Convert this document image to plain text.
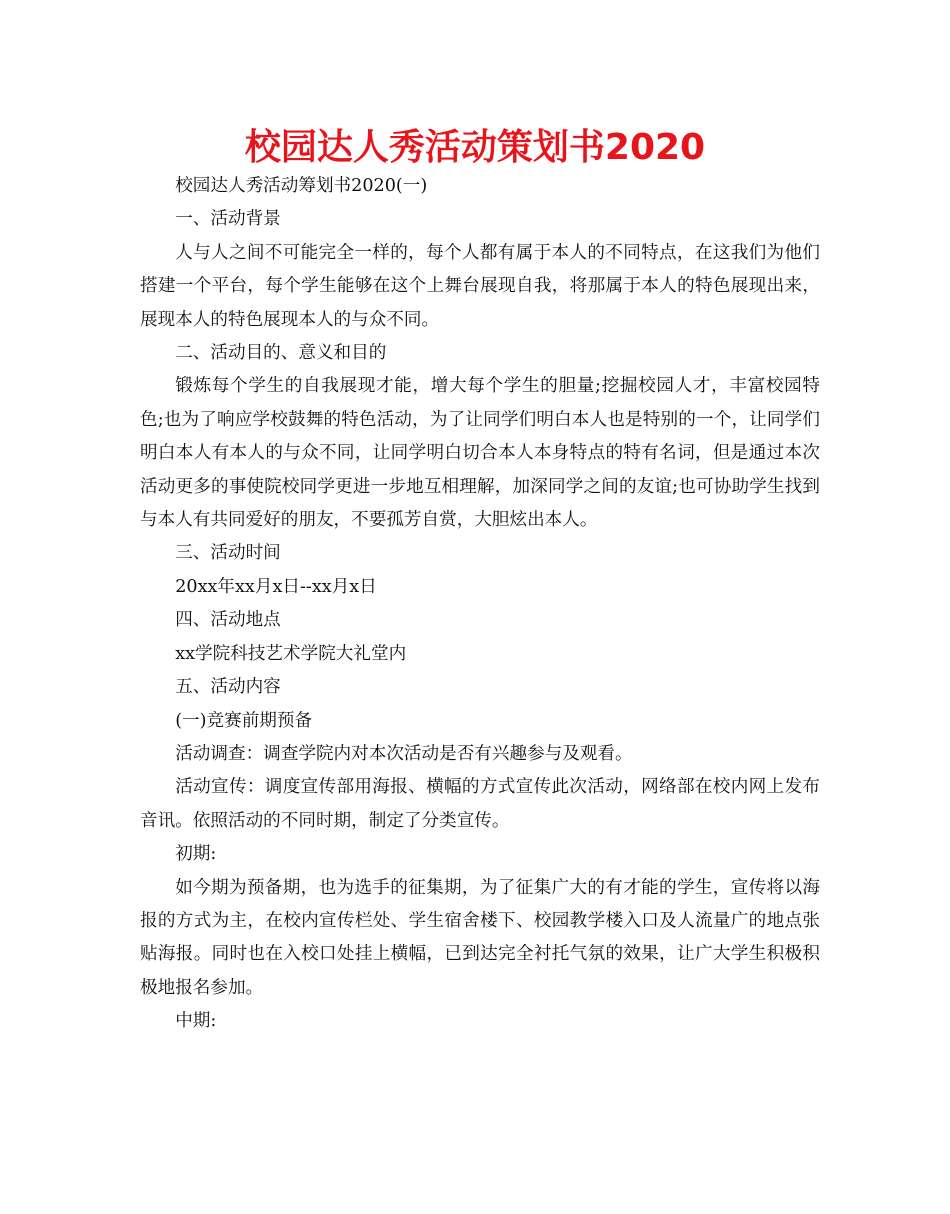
校园达人秀活动策划书2020

校园达人秀活动筹划书2020(一)

一、活动背景

人与人之间不可能完全一样的，每个人都有属于本人的不同特点，在这我们为他们搭建一个平台，每个学生能够在这个上舞台展现自我，将那属于本人的特色展现出来，展现本人的特色展现本人的与众不同。

二、活动目的、意义和目的

锻炼每个学生的自我展现才能，增大每个学生的胆量;挖掘校园人才，丰富校园特色;也为了响应学校鼓舞的特色活动，为了让同学们明白本人也是特别的一个，让同学们明白本人有本人的与众不同，让同学明白切合本人本身特点的特有名词，但是通过本次活动更多的事使院校同学更进一步地互相理解，加深同学之间的友谊;也可协助学生找到与本人有共同爱好的朋友，不要孤芳自赏，大胆炫出本人。

三、活动时间

20xx年xx月x日--xx月x日

四、活动地点

xx学院科技艺术学院大礼堂内

五、活动内容

(一)竞赛前期预备

活动调查：调查学院内对本次活动是否有兴趣参与及观看。

活动宣传：调度宣传部用海报、横幅的方式宣传此次活动，网络部在校内网上发布音讯。依照活动的不同时期，制定了分类宣传。

初期:

如今期为预备期，也为选手的征集期，为了征集广大的有才能的学生，宣传将以海报的方式为主，在校内宣传栏处、学生宿舍楼下、校园教学楼入口及人流量广的地点张贴海报。同时也在入校口处挂上横幅，已到达完全衬托气氛的效果，让广大学生积极积极地报名参加。

中期:
